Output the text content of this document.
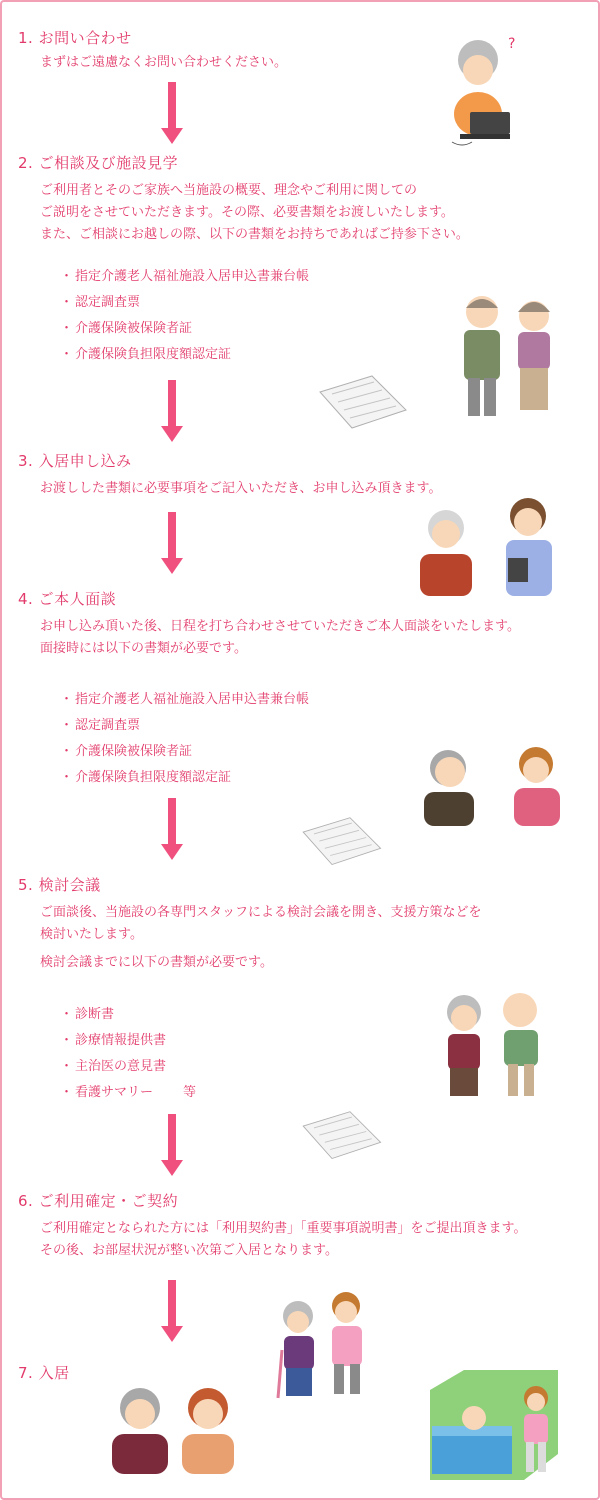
1. お問い合わせ
まずはご遠慮なくお問い合わせください。
?
2. ご相談及び施設見学
ご利用者とそのご家族へ当施設の概要、理念やご利用に関しての
ご説明をさせていただきます。その際、必要書類をお渡しいたします。
また、ご相談にお越しの際、以下の書類をお持ちであればご持参下さい。
・ 指定介護老人福祉施設入居申込書兼台帳
・ 認定調査票
・ 介護保険被保険者証
・ 介護保険負担限度額認定証
3. 入居申し込み
お渡しした書類に必要事項をご記入いただき、お申し込み頂きます。
4. ご本人面談
お申し込み頂いた後、日程を打ち合わせさせていただきご本人面談をいたします。
面接時には以下の書類が必要です。
・ 指定介護老人福祉施設入居申込書兼台帳
・ 認定調査票
・ 介護保険被保険者証
・ 介護保険負担限度額認定証
5. 検討会議
ご面談後、当施設の各専門スタッフによる検討会議を開き、支援方策などを
検討いたします。
検討会議までに以下の書類が必要です。
・ 診断書
・ 診療情報提供書
・ 主治医の意見書
・ 看護サマリー 等
6. ご利用確定・ご契約
ご利用確定となられた方には「利用契約書」「重要事項説明書」をご提出頂きます。
その後、お部屋状況が整い次第ご入居となります。
7. 入居
